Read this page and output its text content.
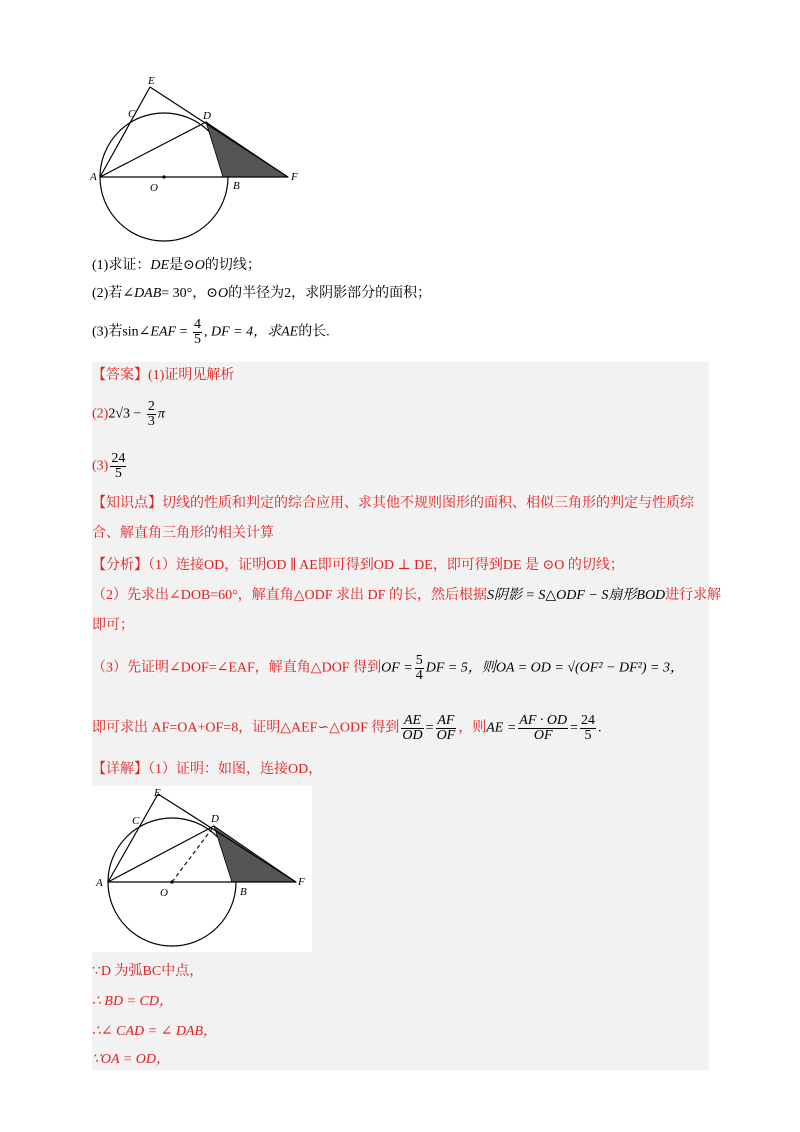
A
O	B
C	D
E
F
(1)求证：DE是⊙O的切线；
(2)若∠DAB= 30°，⊙O的半径为2，求阴影部分的面积；
(3)若sin∠EAF = $\frac{4}{5}$ , DF = 4，求AE的长.
【答案】(1)证明见解析
$(2)2√3 - \frac{2}{3}$ π
$(3) \frac{24}{5}$
【知识点】切线的性质和判定的综合应用、求其他不规则图形的面积、相似三角形的判定与性质综
合、解直角三角形的相关计算
【分析】（1）连接OD，证明OD ∥ AE即可得到OD ⊥ DE，即可得到DE 是 ⊙O 的切线；
（2）先求出∠DOB=60°，解直角△ODF 求出 DF 的长，然后根据S阴影 = S△ODF − S扇形BOD进行求解
即可；
（3）先证明∠DOF=∠EAF，解直角△DOF 得到OF = $\frac{5}{4}$ DF = 5，则OA = OD = √(OF² − DF²) = 3，
即可求出 AF=OA+OF=8，证明△AEF∽△ODF 得到 $\frac{AE}{OD} = \frac{AF}{OF}$ ，则AE = $\frac{AF \cdot OD}{OF} = \frac{24}{5}$ .
【详解】（1）证明：如图，连接OD，
A
O	B
C	D
E
F
∵D 为弧BC中点，
∴ BD = CD，
∴∠ CAD = ∠ DAB，
∵OA = OD，
